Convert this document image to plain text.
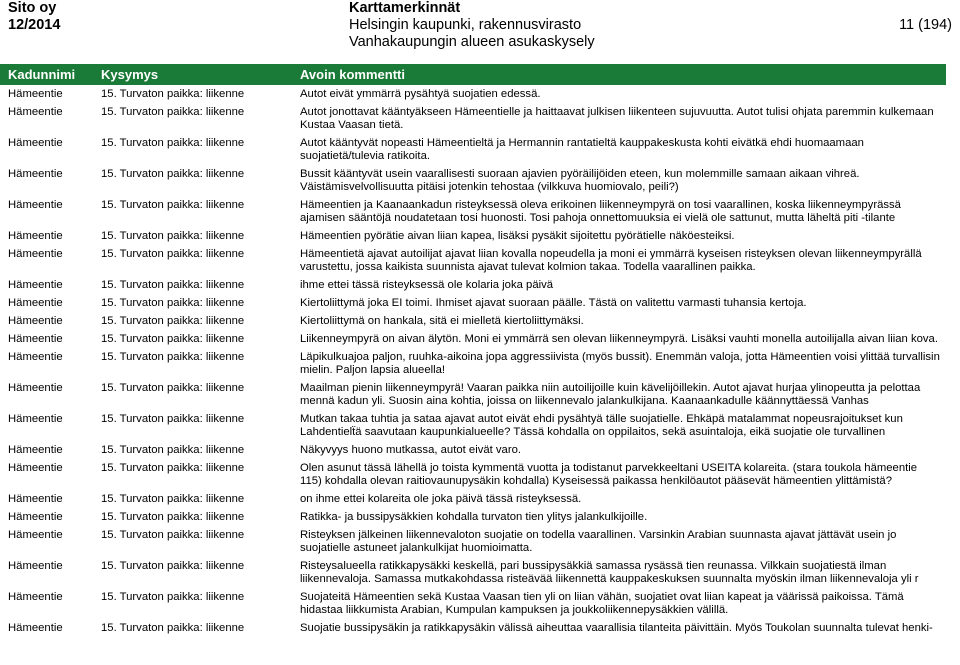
Sito oy
12/2014
Karttamerkinnät
Helsingin kaupunki, rakennusvirasto
Vanhakaupungin alueen asukaskysely
11 (194)
Kadunnimi Kysymys	Avoin kommentti
Hämeentie	15. Turvaton paikka: liikenne	Autot eivät ymmärrä pysähtyä suojatien edessä.
Hämeentie	15. Turvaton paikka: liikenne	Autot jonottavat kääntyäkseen Hämeentielle ja haittaavat julkisen liikenteen sujuvuutta. Autot tulisi ohjata paremmin kulkemaan Kustaa Vaasan tietä.
Hämeentie	15. Turvaton paikka: liikenne	Autot kääntyvät nopeasti Hämeentieltä ja Hermannin rantatieltä kauppakeskusta kohti eivätkä ehdi huomaamaan suojatietä/tulevia ratikoita.
Hämeentie	15. Turvaton paikka: liikenne	Bussit kääntyvät usein vaarallisesti suoraan ajavien pyöräilijöiden eteen, kun molemmille samaan aikaan vihreä. Väistämisvelvollisuutta pitäisi jotenkin tehostaa (vilkkuva huomiovalo, peili?)
Hämeentie	15. Turvaton paikka: liikenne	Hämeentien ja Kaanaankadun risteyksessä oleva erikoinen liikenneympyrä on tosi vaarallinen, koska liikenneympyrässä ajamisen sääntöjä noudatetaan tosi huonosti. Tosi pahoja onnettomuuksia ei vielä ole sattunut, mutta läheltä piti -tilante
Hämeentie	15. Turvaton paikka: liikenne	Hämeentien pyörätie aivan liian kapea, lisäksi pysäkit sijoitettu pyörätielle näköesteiksi.
Hämeentie	15. Turvaton paikka: liikenne	Hämeentietä ajavat autoilijat ajavat liian kovalla nopeudella ja moni ei ymmärrä kyseisen risteyksen olevan liikenneympyrällä varustettu, jossa kaikista suunnista ajavat tulevat kolmion takaa. Todella vaarallinen paikka.
Hämeentie	15. Turvaton paikka: liikenne	ihme ettei tässä risteyksessä ole kolaria joka päivä
Hämeentie	15. Turvaton paikka: liikenne	Kiertoliittymä joka EI toimi. Ihmiset ajavat suoraan päälle. Tästä on valitettu varmasti tuhansia kertoja.
Hämeentie	15. Turvaton paikka: liikenne	Kiertoliittymä on hankala, sitä ei mielletä kiertoliittymäksi.
Hämeentie	15. Turvaton paikka: liikenne	Liikenneympyrä on aivan älytön. Moni ei ymmärrä sen olevan liikenneympyrä. Lisäksi vauhti monella autoilijalla aivan liian kova.
Hämeentie	15. Turvaton paikka: liikenne	Läpikulkuajoa paljon, ruuhka-aikoina jopa aggressiivista (myös bussit). Enemmän valoja, jotta Hämeentien voisi ylittää turvallisin mielin. Paljon lapsia alueella!
Hämeentie	15. Turvaton paikka: liikenne	Maailman pienin liikenneympyrä! Vaaran paikka niin autoilijoille kuin kävelijöillekin. Autot ajavat hurjaa ylinopeutta ja pelottaa mennä kadun yli. Suosin aina kohtia, joissa on liikennevalo jalankulkijana. Kaanaankadulle käännyttäessä Vanhas
Hämeentie	15. Turvaton paikka: liikenne	Mutkan takaa tuhtia ja sataa ajavat autot eivät ehdi pysähtyä tälle suojatielle. Ehkäpä matalammat nopeusrajoitukset kun Lahdentielẗä saavutaan kaupunkialueelle? Tässä kohdalla on oppilaitos, sekä asuintaloja, eikä suojatie ole turvallinen
Hämeentie	15. Turvaton paikka: liikenne	Näkyvyys huono mutkassa, autot eivät varo.
Hämeentie	15. Turvaton paikka: liikenne	Olen asunut tässä lähellä jo toista kymmentä vuotta ja todistanut parvekkeeltani USEITA kolareita. (stara toukola hämeentie 115) kohdalla olevan raitiovaunupysäkin kohdalla) Kyseisessä paikassa henkilöautot pääsevät hämeentien ylittämistä?
Hämeentie	15. Turvaton paikka: liikenne	on ihme ettei kolareita ole joka päivä tässä risteyksessä.
Hämeentie	15. Turvaton paikka: liikenne	Ratikka- ja bussipysäkkien kohdalla turvaton tien ylitys jalankulkijoille.
Hämeentie	15. Turvaton paikka: liikenne	Risteyksen jälkeinen liikennevaloton suojatie on todella vaarallinen. Varsinkin Arabian suunnasta ajavat jättävät usein jo suojatielle astuneet jalankulkijat huomioimatta.
Hämeentie	15. Turvaton paikka: liikenne	Risteysalueella ratikkapysäkki keskellä, pari bussipysäkkiä samassa rysässä tien reunassa. Vilkkain suojatiestä ilman liikennevaloja. Samassa mutkakohdassa risteävää liikennettä kauppakeskuksen suunnalta myöskin ilman liikennevaloja yli r
Hämeentie	15. Turvaton paikka: liikenne	Suojateitä Hämeentien sekä Kustaa Vaasan tien yli on liian vähän, suojatiet ovat liian kapeat ja väärissä paikoissa. Tämä hidastaa liikkumista Arabian, Kumpulan kampuksen ja joukkoliikennepysäkkien välillä.
Hämeentie	15. Turvaton paikka: liikenne	Suojatie bussipysäkin ja ratikkapysäkin välissä aiheuttaa vaarallisia tilanteita päivittäin. Myös Toukolan suunnalta tulevat henki-
